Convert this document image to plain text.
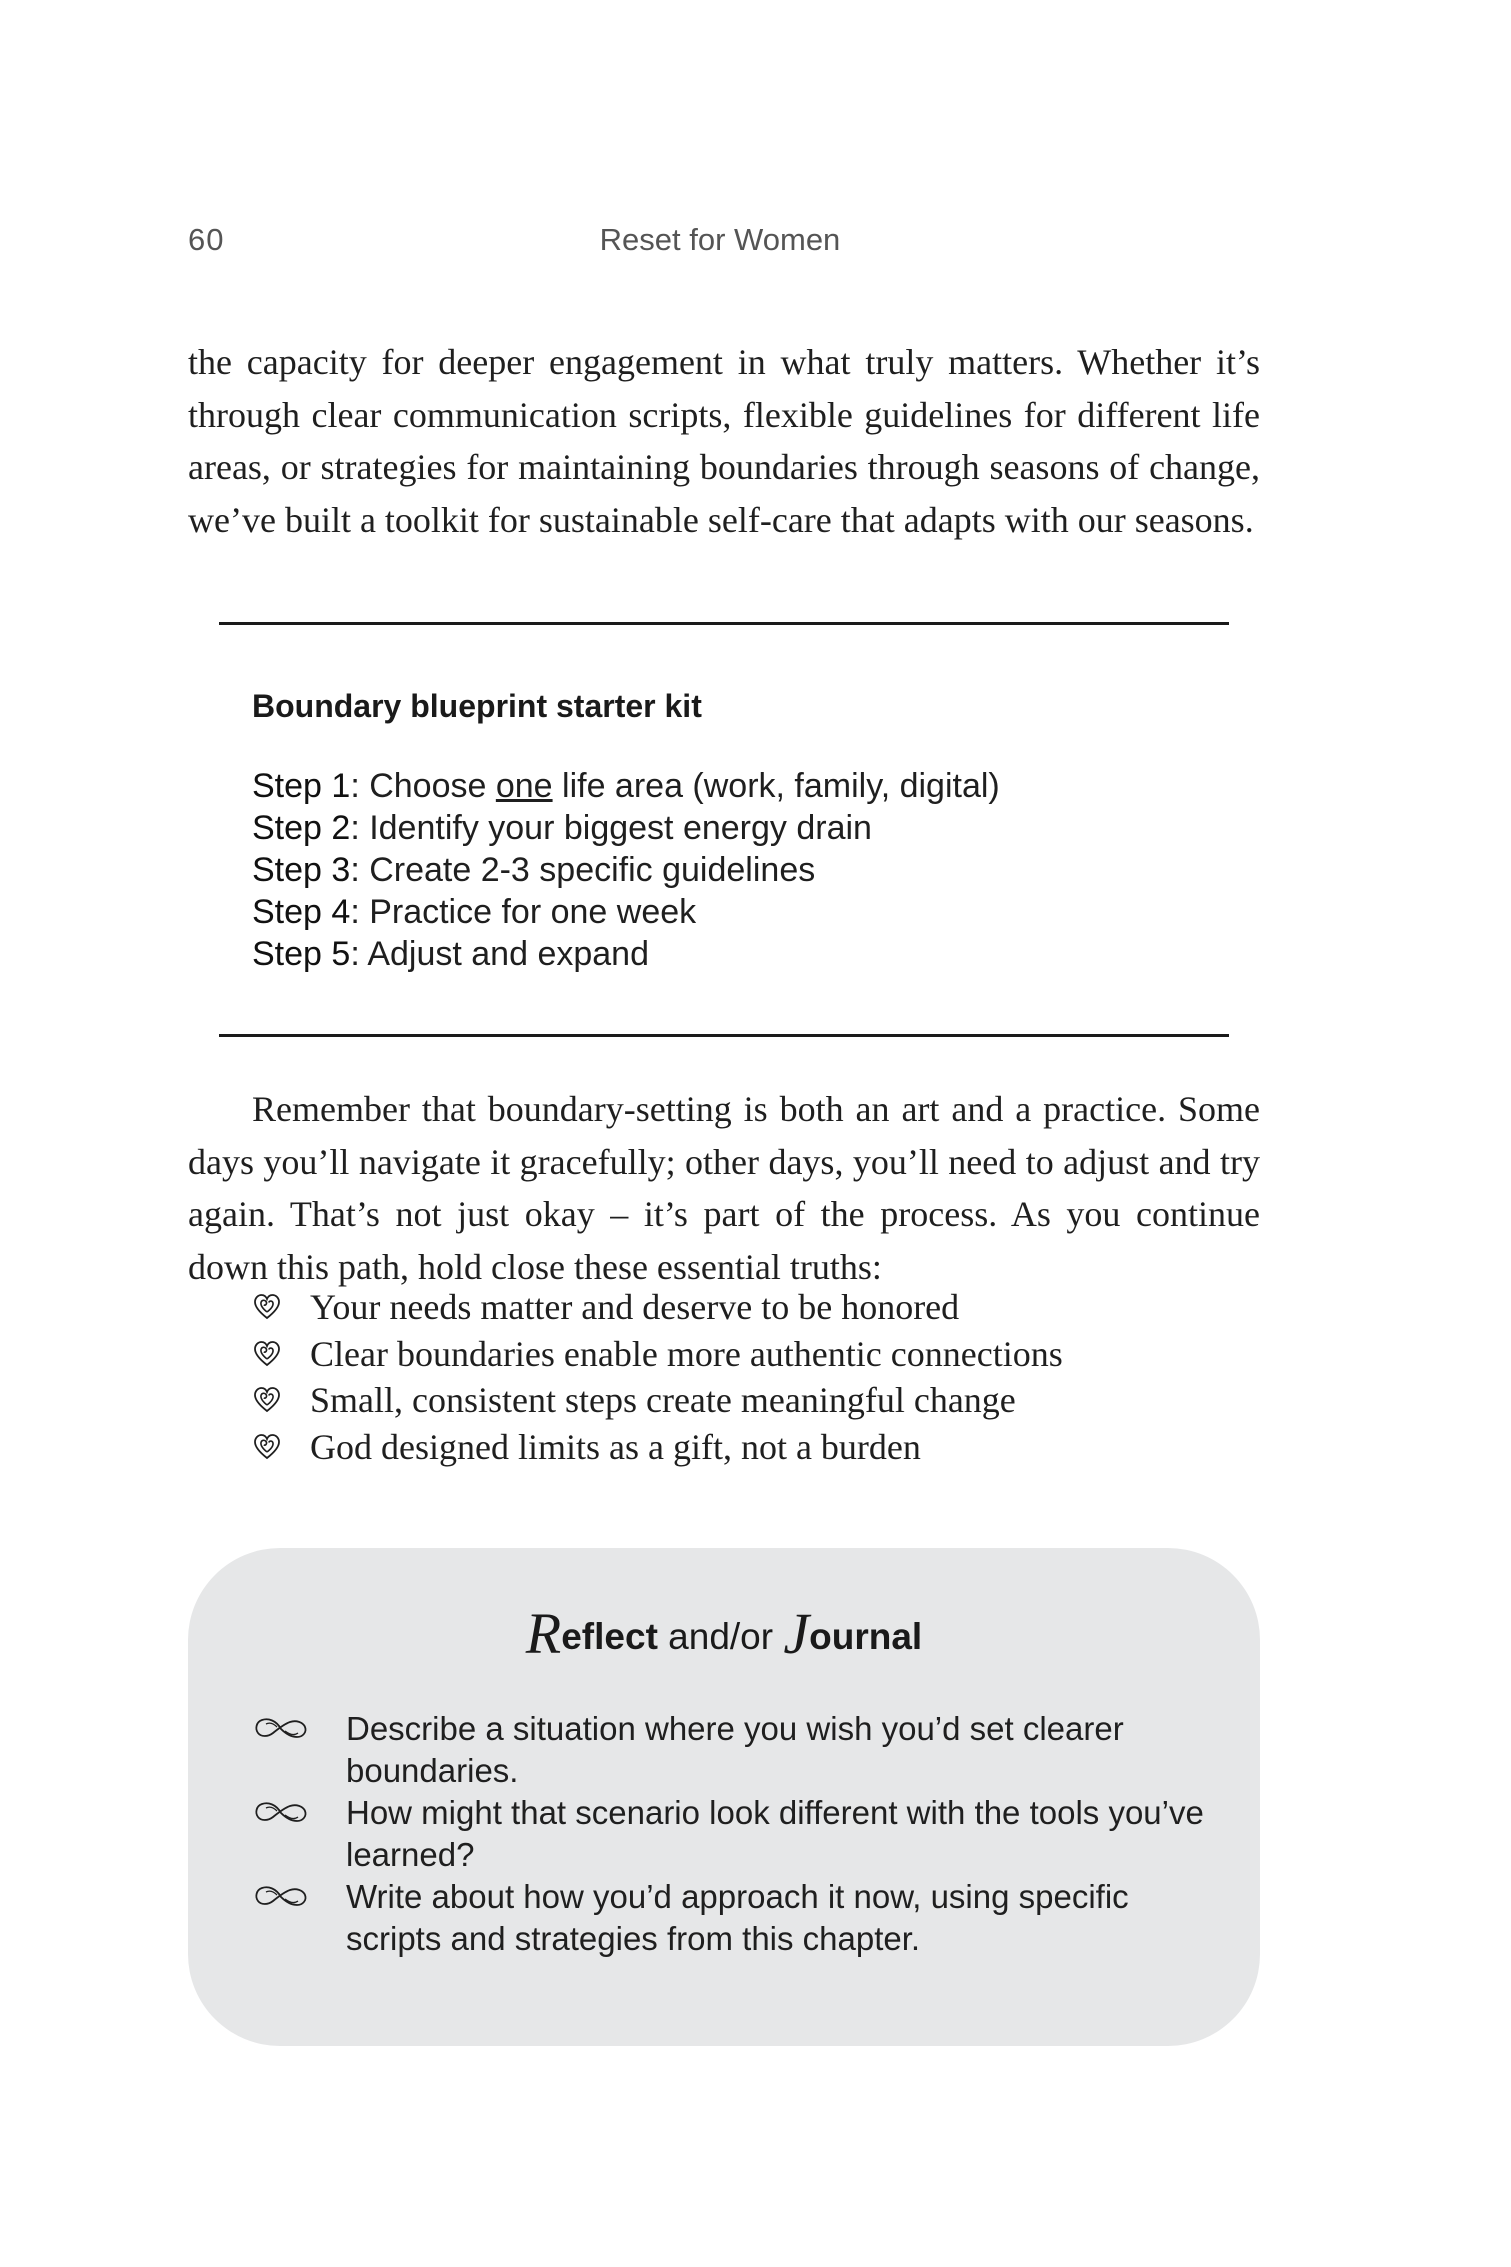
60	Reset for Women

the capacity for deeper engagement in what truly matters. Whether it’s through clear communication scripts, flexible guidelines for different life areas, or strategies for maintaining boundaries through seasons of change, we’ve built a toolkit for sustainable self-care that adapts with our seasons.

Boundary blueprint starter kit
Step 1: Choose one life area (work, family, digital)
Step 2: Identify your biggest energy drain
Step 3: Create 2-3 specific guidelines
Step 4: Practice for one week
Step 5: Adjust and expand

Remember that boundary-setting is both an art and a practice. Some days you’ll navigate it gracefully; other days, you’ll need to adjust and try again. That’s not just okay – it’s part of the process. As you continue down this path, hold close these essential truths:

Your needs matter and deserve to be honored
Clear boundaries enable more authentic connections
Small, consistent steps create meaningful change
God designed limits as a gift, not a burden
Reflect and/or Journal
Describe a situation where you wish you’d set clearer boundaries.
How might that scenario look different with the tools you’ve learned?
Write about how you’d approach it now, using specific scripts and strategies from this chapter.
